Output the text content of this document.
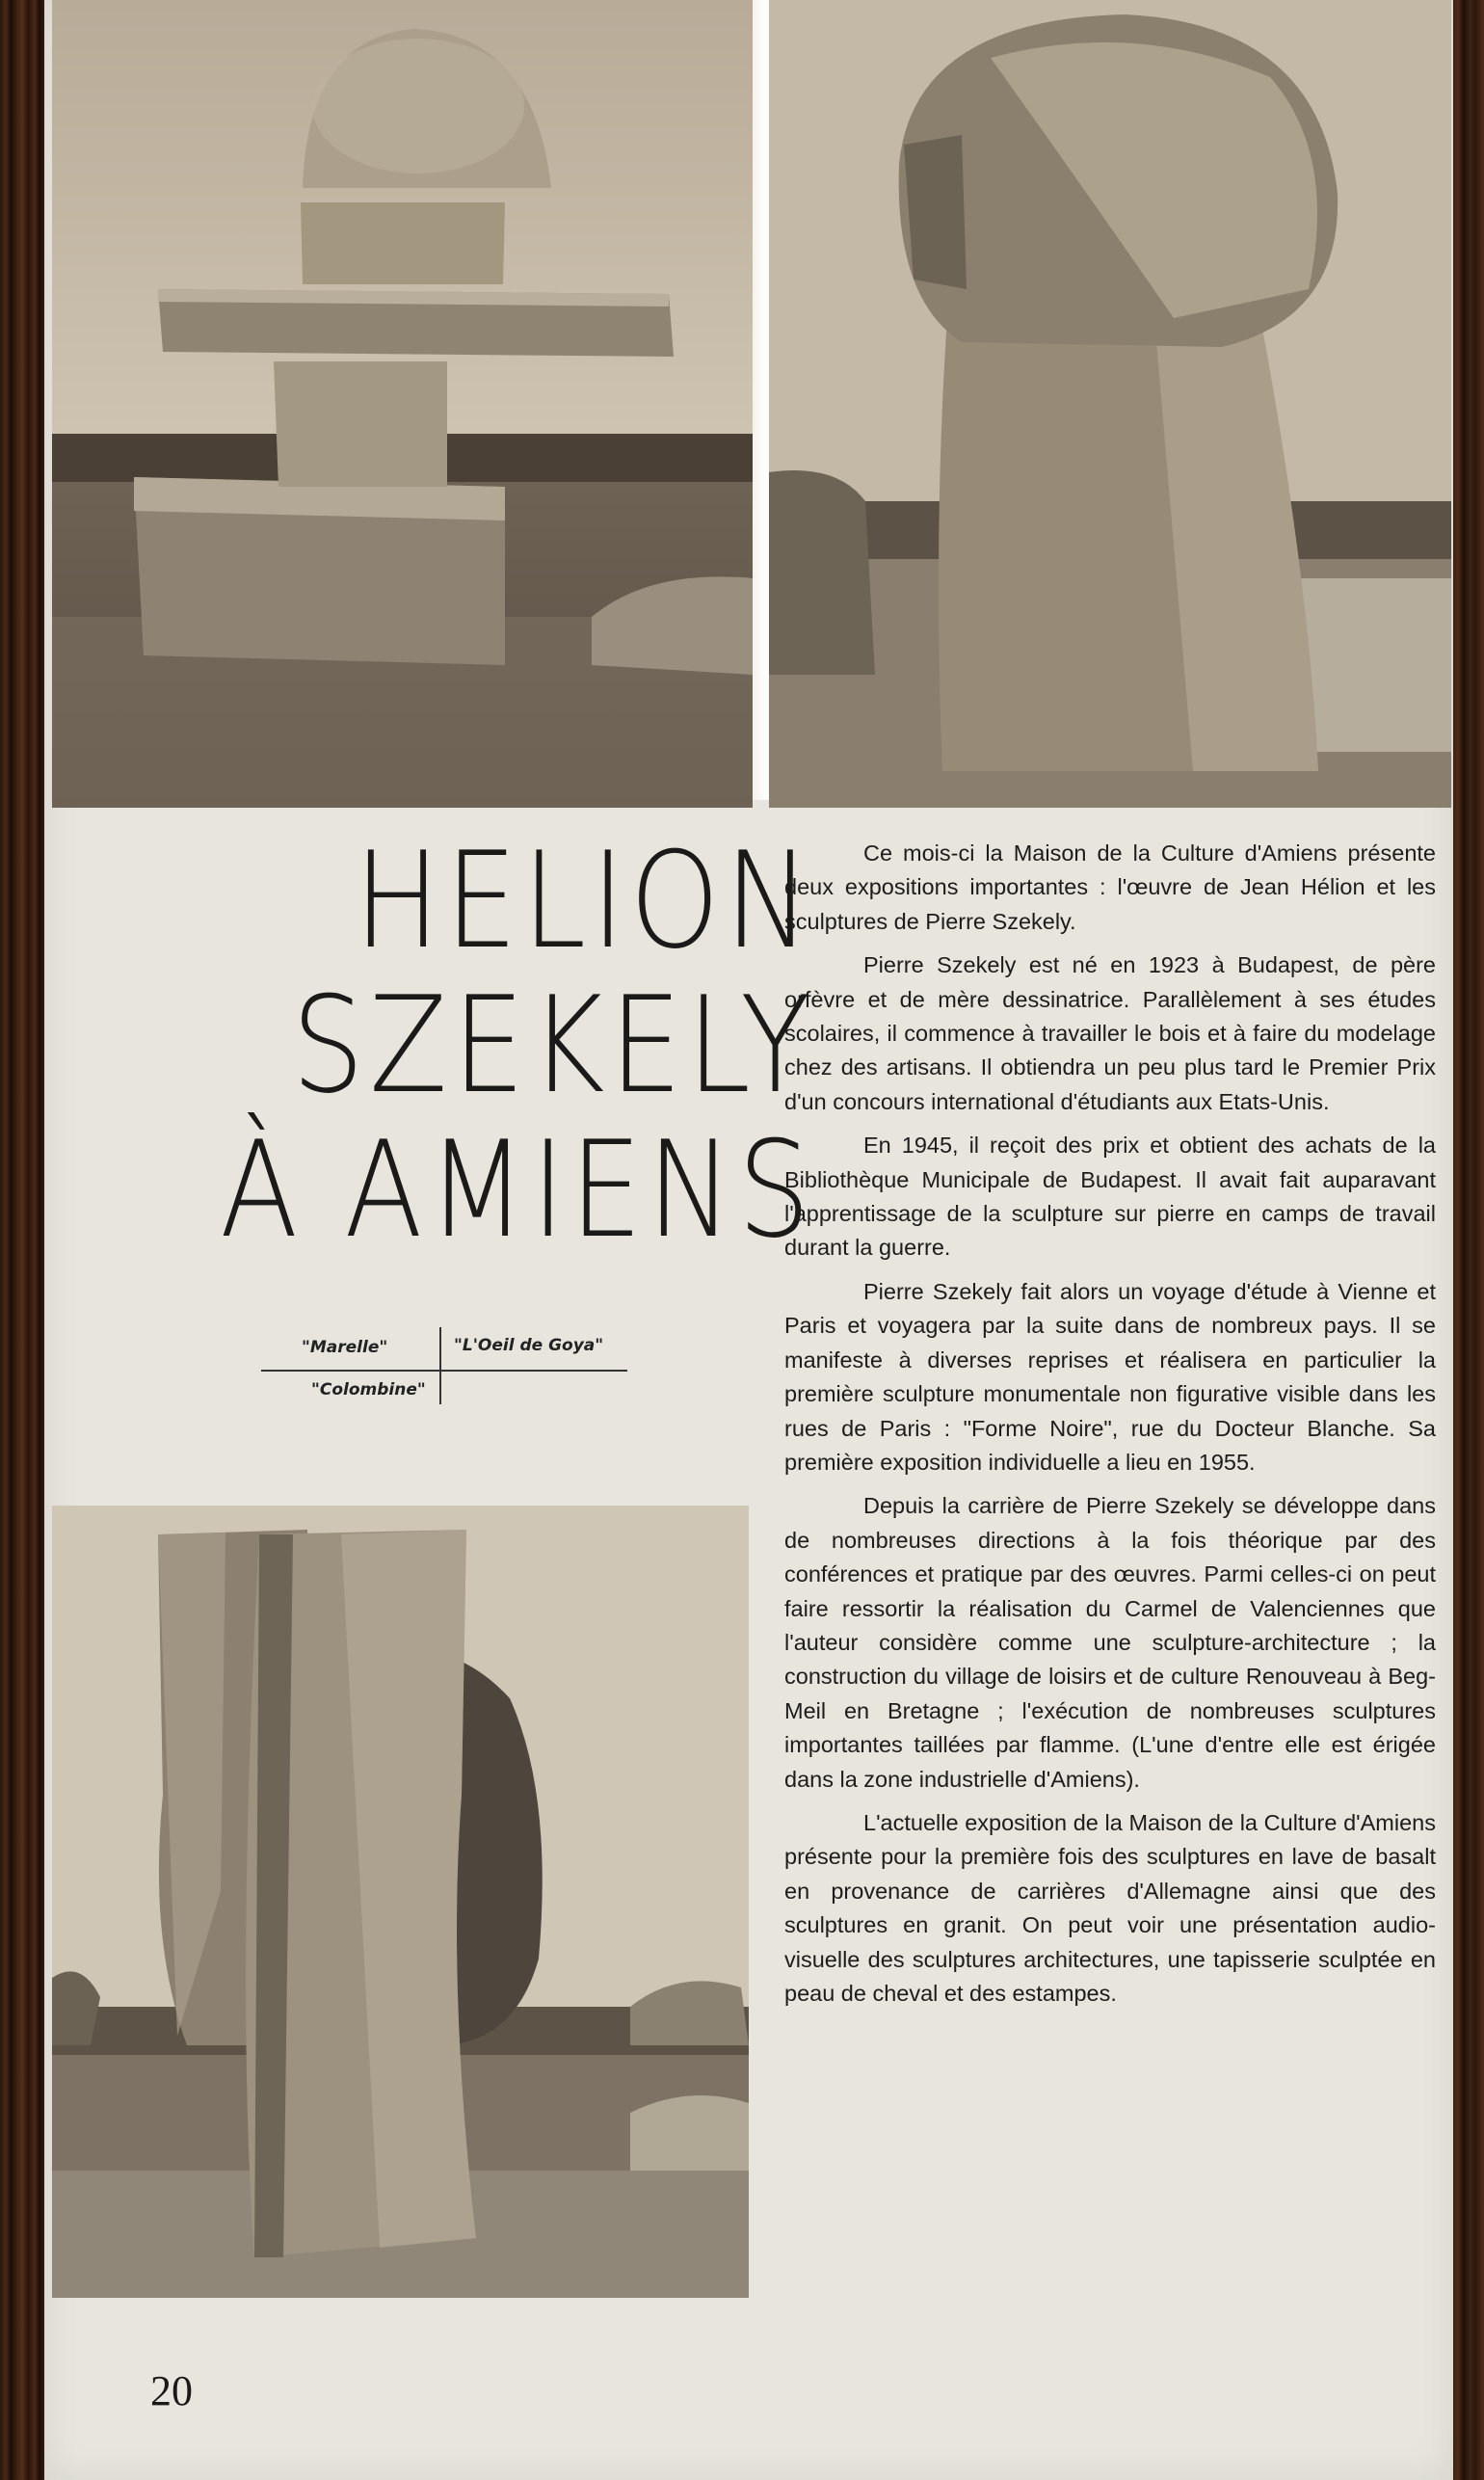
HELION
SZEKELY
À AMIENS
"Marelle"
"Colombine"
"L'Oeil de Goya"

Ce mois-ci la Maison de la Culture d'Amiens présente deux expositions importantes : l'œuvre de Jean Hélion et les sculptures de Pierre Szekely.

Pierre Szekely est né en 1923 à Budapest, de père orfèvre et de mère dessinatrice. Parallèlement à ses études scolaires, il commence à travailler le bois et à faire du modelage chez des artisans. Il obtiendra un peu plus tard le Premier Prix d'un concours international d'étudiants aux Etats-Unis.

En 1945, il reçoit des prix et obtient des achats de la Bibliothèque Municipale de Budapest. Il avait fait auparavant l'apprentissage de la sculpture sur pierre en camps de travail durant la guerre.

Pierre Szekely fait alors un voyage d'étude à Vienne et Paris et voyagera par la suite dans de nombreux pays. Il se manifeste à diverses reprises et réalisera en particulier la première sculpture monumentale non figurative visible dans les rues de Paris : "Forme Noire", rue du Docteur Blanche. Sa première exposition individuelle a lieu en 1955.

Depuis la carrière de Pierre Szekely se développe dans de nombreuses directions à la fois théorique par des conférences et pratique par des œuvres. Parmi celles-ci on peut faire ressortir la réalisation du Carmel de Valenciennes que l'auteur considère comme une sculpture-architecture ; la construction du village de loisirs et de culture Renouveau à Beg-Meil en Bretagne ; l'exécution de nombreuses sculptures importantes taillées par flamme. (L'une d'entre elle est érigée dans la zone industrielle d'Amiens).

L'actuelle exposition de la Maison de la Culture d'Amiens présente pour la première fois des sculptures en lave de basalt en provenance de carrières d'Allemagne ainsi que des sculptures en granit. On peut voir une présentation audio-visuelle des sculptures architectures, une tapisserie sculptée en peau de cheval et des estampes.

20
